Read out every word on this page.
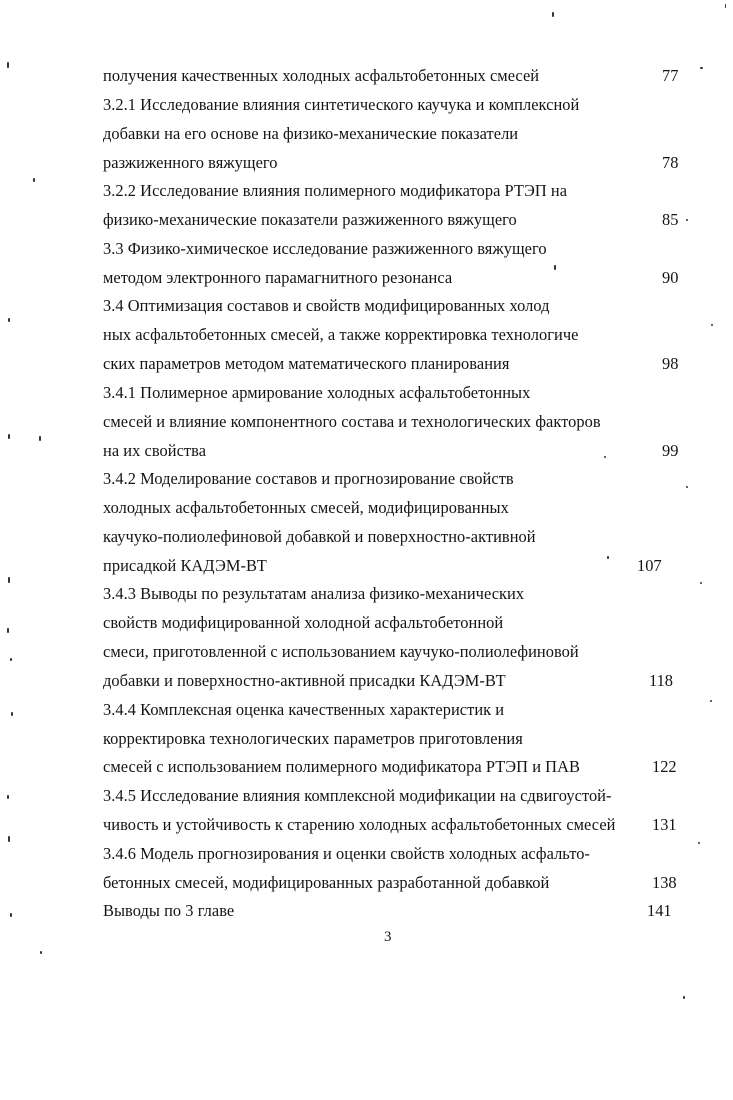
получения качественных холодных асфальтобетонных смесей
3.2.1 Исследование влияния синтетического каучука и комплексной
добавки на его основе на физико-механические показатели
разжиженного вяжущего
3.2.2 Исследование влияния полимерного модификатора РТЭП на
физико-механические показатели разжиженного вяжущего
3.3 Физико-химическое исследование разжиженного вяжущего
методом электронного парамагнитного резонанса
3.4 Оптимизация составов и свойств модифицированных холод
ных асфальтобетонных смесей, а также корректировка технологиче
ских параметров методом математического планирования
3.4.1 Полимерное армирование холодных асфальтобетонных
смесей и влияние компонентного состава и технологических факторов
на их свойства
3.4.2 Моделирование составов и прогнозирование свойств
холодных асфальтобетонных смесей, модифицированных
каучуко-полиолефиновой добавкой и поверхностно-активной
присадкой КАДЭМ-ВТ
3.4.3 Выводы по результатам анализа физико-механических
свойств модифицированной холодной асфальтобетонной
смеси, приготовленной с использованием каучуко-полиолефиновой
добавки и поверхностно-активной присадки КАДЭМ-ВТ
3.4.4 Комплексная оценка качественных характеристик и
корректировка технологических параметров приготовления
смесей с использованием полимерного модификатора РТЭП и ПАВ
3.4.5 Исследование влияния комплексной модификации на сдвигоустой-
чивость и устойчивость к старению холодных асфальтобетонных смесей
3.4.6 Модель прогнозирования и оценки свойств холодных асфальто-
бетонных смесей, модифицированных разработанной добавкой
Выводы по 3 главе
77
78
85
90
98
99
107
118
122
131
138
141
3
